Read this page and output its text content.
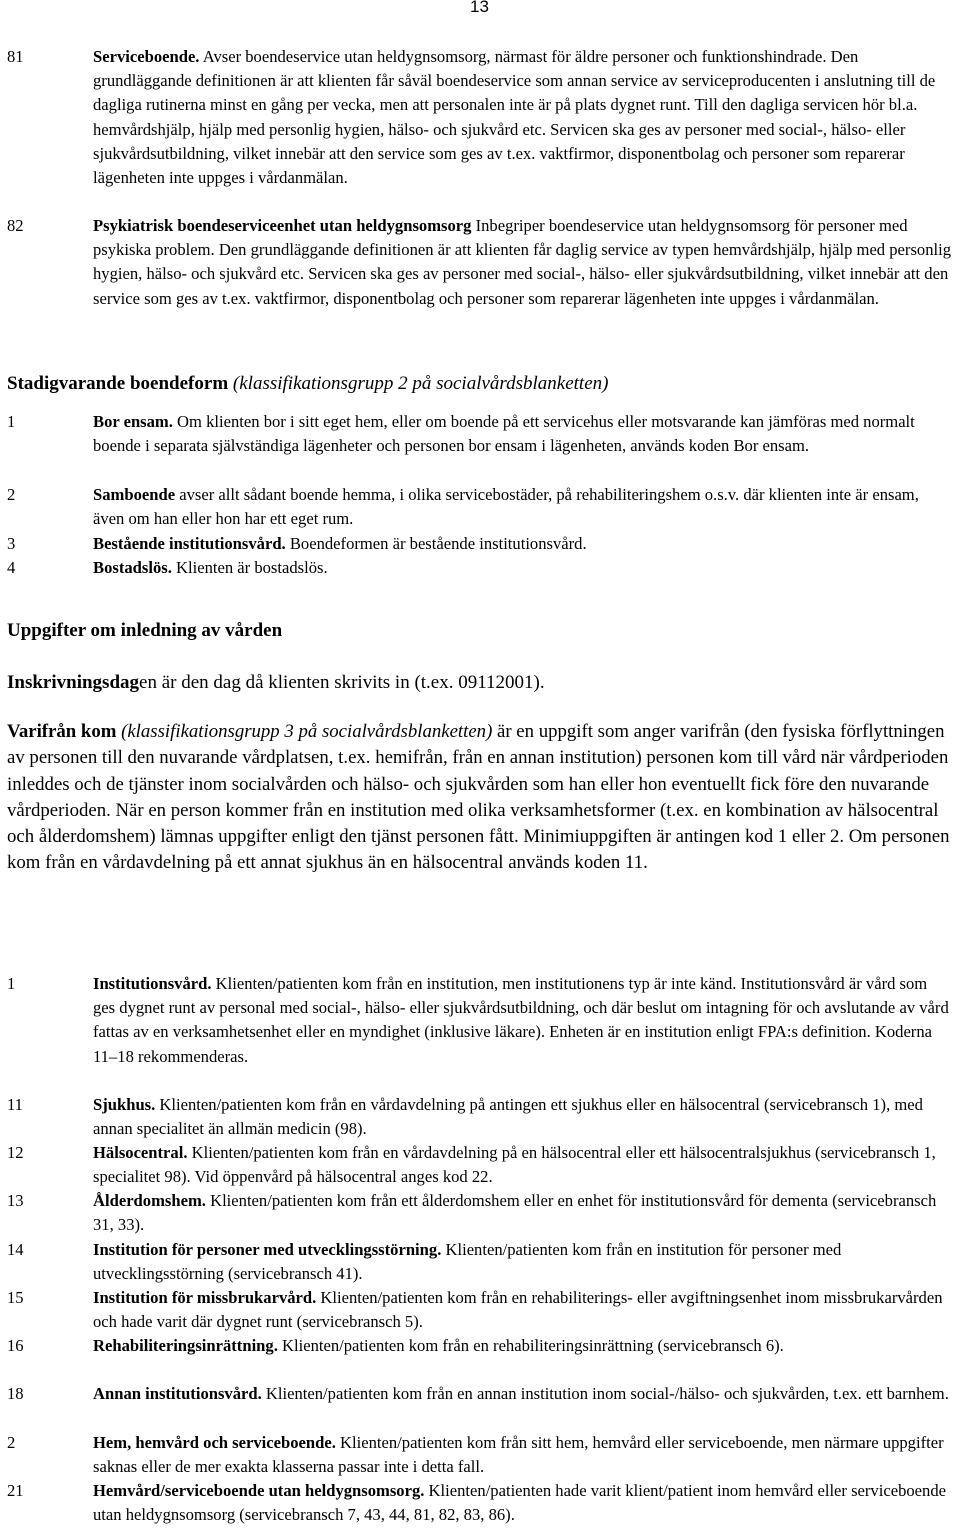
13
81	Serviceboende. Avser boendeservice utan heldygnsomsorg, närmast för äldre personer och funktionshindrade. Den grundläggande definitionen är att klienten får såväl boendeservice som annan service av serviceproducenten i anslutning till de dagliga rutinerna minst en gång per vecka, men att personalen inte är på plats dygnet runt. Till den dagliga servicen hör bl.a. hemvårdshjälp, hjälp med personlig hygien, hälso- och sjukvård etc. Servicen ska ges av personer med social-, hälso- eller sjukvårdsutbildning, vilket innebär att den service som ges av t.ex. vaktfirmor, disponentbolag och personer som reparerar lägenheten inte uppges i vårdanmälan.
82	Psykiatrisk boendeserviceenhet utan heldygnsomsorg Inbegriper boendeservice utan heldygnsomsorg för personer med psykiska problem. Den grundläggande definitionen är att klienten får daglig service av typen hemvårdshjälp, hjälp med personlig hygien, hälso- och sjukvård etc. Servicen ska ges av personer med social-, hälso- eller sjukvårdsutbildning, vilket innebär att den service som ges av t.ex. vaktfirmor, disponentbolag och personer som reparerar lägenheten inte uppges i vårdanmälan.
Stadigvarande boendeform (klassifikationsgrupp 2 på socialvårdsblanketten)
1	Bor ensam. Om klienten bor i sitt eget hem, eller om boende på ett servicehus eller motsvarande kan jämföras med normalt boende i separata självständiga lägenheter och personen bor ensam i lägenheten, används koden Bor ensam.
2	Samboende avser allt sådant boende hemma, i olika servicebostäder, på rehabiliteringshem o.s.v. där klienten inte är ensam, även om han eller hon har ett eget rum.
3	Bestående institutionsvård. Boendeformen är bestående institutionsvård.
4	Bostadslös. Klienten är bostadslös.
Uppgifter om inledning av vården
Inskrivningsdagen är den dag då klienten skrivits in (t.ex. 09112001).
Varifrån kom (klassifikationsgrupp 3 på socialvårdsblanketten) är en uppgift som anger varifrån (den fysiska förflyttningen av personen till den nuvarande vårdplatsen, t.ex. hemifrån, från en annan institution) personen kom till vård när vårdperioden inleddes och de tjänster inom socialvården och hälso- och sjukvården som han eller hon eventuellt fick före den nuvarande vårdperioden. När en person kommer från en institution med olika verksamhetsformer (t.ex. en kombination av hälsocentral och ålderdomshem) lämnas uppgifter enligt den tjänst personen fått. Minimiuppgiften är antingen kod 1 eller 2. Om personen kom från en vårdavdelning på ett annat sjukhus än en hälsocentral används koden 11.
1	Institutionsvård. Klienten/patienten kom från en institution, men institutionens typ är inte känd. Institutionsvård är vård som ges dygnet runt av personal med social-, hälso- eller sjukvårdsutbildning, och där beslut om intagning för och avslutande av vård fattas av en verksamhetsenhet eller en myndighet (inklusive läkare). Enheten är en institution enligt FPA:s definition. Koderna 11–18 rekommenderas.
11	Sjukhus. Klienten/patienten kom från en vårdavdelning på antingen ett sjukhus eller en hälsocentral (servicebransch 1), med annan specialitet än allmän medicin (98).
12	Hälsocentral. Klienten/patienten kom från en vårdavdelning på en hälsocentral eller ett hälsocentralsjukhus (servicebransch 1, specialitet 98). Vid öppenvård på hälsocentral anges kod 22.
13	Ålderdomshem. Klienten/patienten kom från ett ålderdomshem eller en enhet för institutionsvård för dementa (servicebransch 31, 33).
14	Institution för personer med utvecklingsstörning. Klienten/patienten kom från en institution för personer med utvecklingsstörning (servicebransch 41).
15	Institution för missbrukarvård. Klienten/patienten kom från en rehabiliterings- eller avgiftningsenhet inom missbrukarvården och hade varit där dygnet runt (servicebransch 5).
16	Rehabiliteringsinrättning. Klienten/patienten kom från en rehabiliteringsinrättning (servicebransch 6).
18	Annan institutionsvård. Klienten/patienten kom från en annan institution inom social-/hälso- och sjukvården, t.ex. ett barnhem.
2	Hem, hemvård och serviceboende. Klienten/patienten kom från sitt hem, hemvård eller serviceboende, men närmare uppgifter saknas eller de mer exakta klasserna passar inte i detta fall.
21	Hemvård/serviceboende utan heldygnsomsorg. Klienten/patienten hade varit klient/patient inom hemvård eller serviceboende utan heldygnsomsorg (servicebransch 7, 43, 44, 81, 82, 83, 86).
